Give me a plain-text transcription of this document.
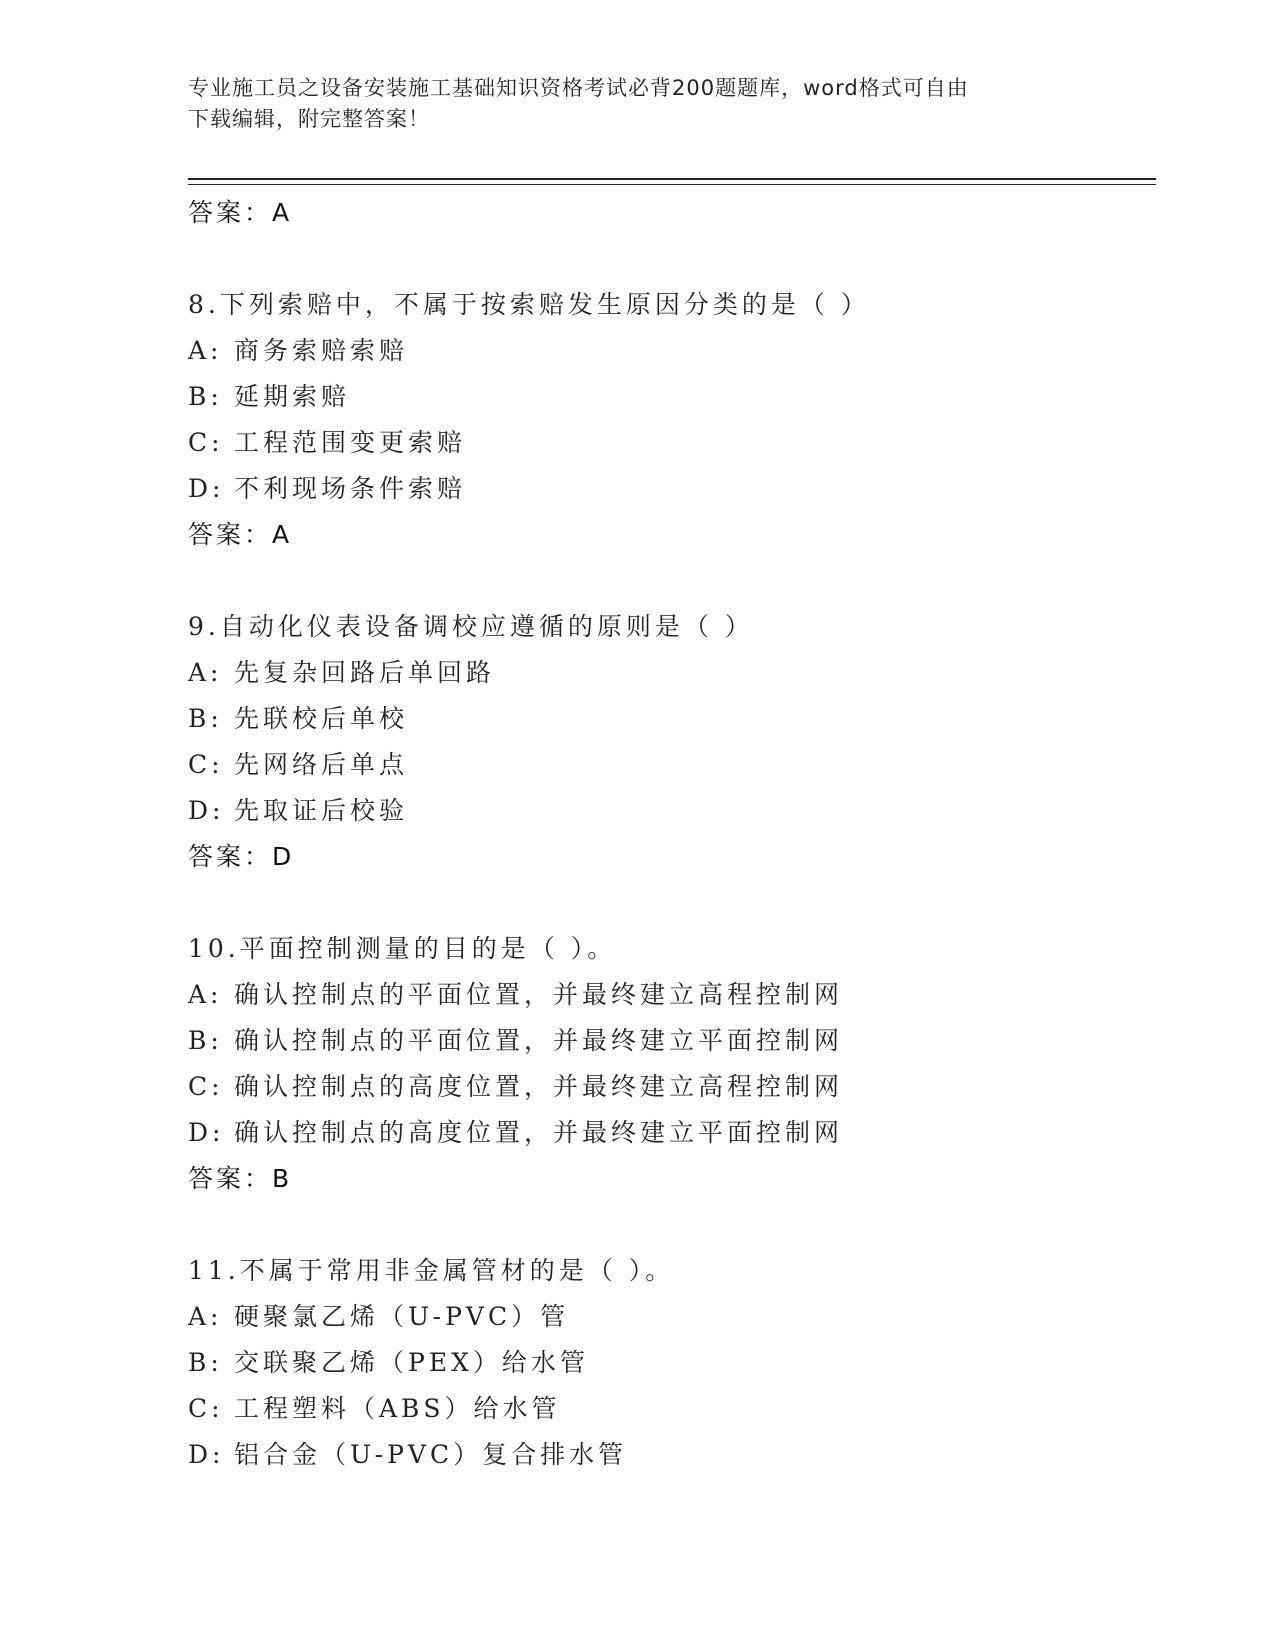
专业施工员之设备安装施工基础知识资格考试必背200题题库，word格式可自由
下载编辑，附完整答案！
答案：A
8.下列索赔中，不属于按索赔发生原因分类的是（ ）
A: 商务索赔索赔
B: 延期索赔
C: 工程范围变更索赔
D: 不利现场条件索赔
答案：A
9.自动化仪表设备调校应遵循的原则是（ ）
A: 先复杂回路后单回路
B: 先联校后单校
C: 先网络后单点
D: 先取证后校验
答案：D
10.平面控制测量的目的是（ ）。
A: 确认控制点的平面位置，并最终建立高程控制网
B: 确认控制点的平面位置，并最终建立平面控制网
C: 确认控制点的高度位置，并最终建立高程控制网
D: 确认控制点的高度位置，并最终建立平面控制网
答案：B
11.不属于常用非金属管材的是（ ）。
A: 硬聚氯乙烯（U-PVC）管
B: 交联聚乙烯（PEX）给水管
C: 工程塑料（ABS）给水管
D: 铝合金（U-PVC）复合排水管
